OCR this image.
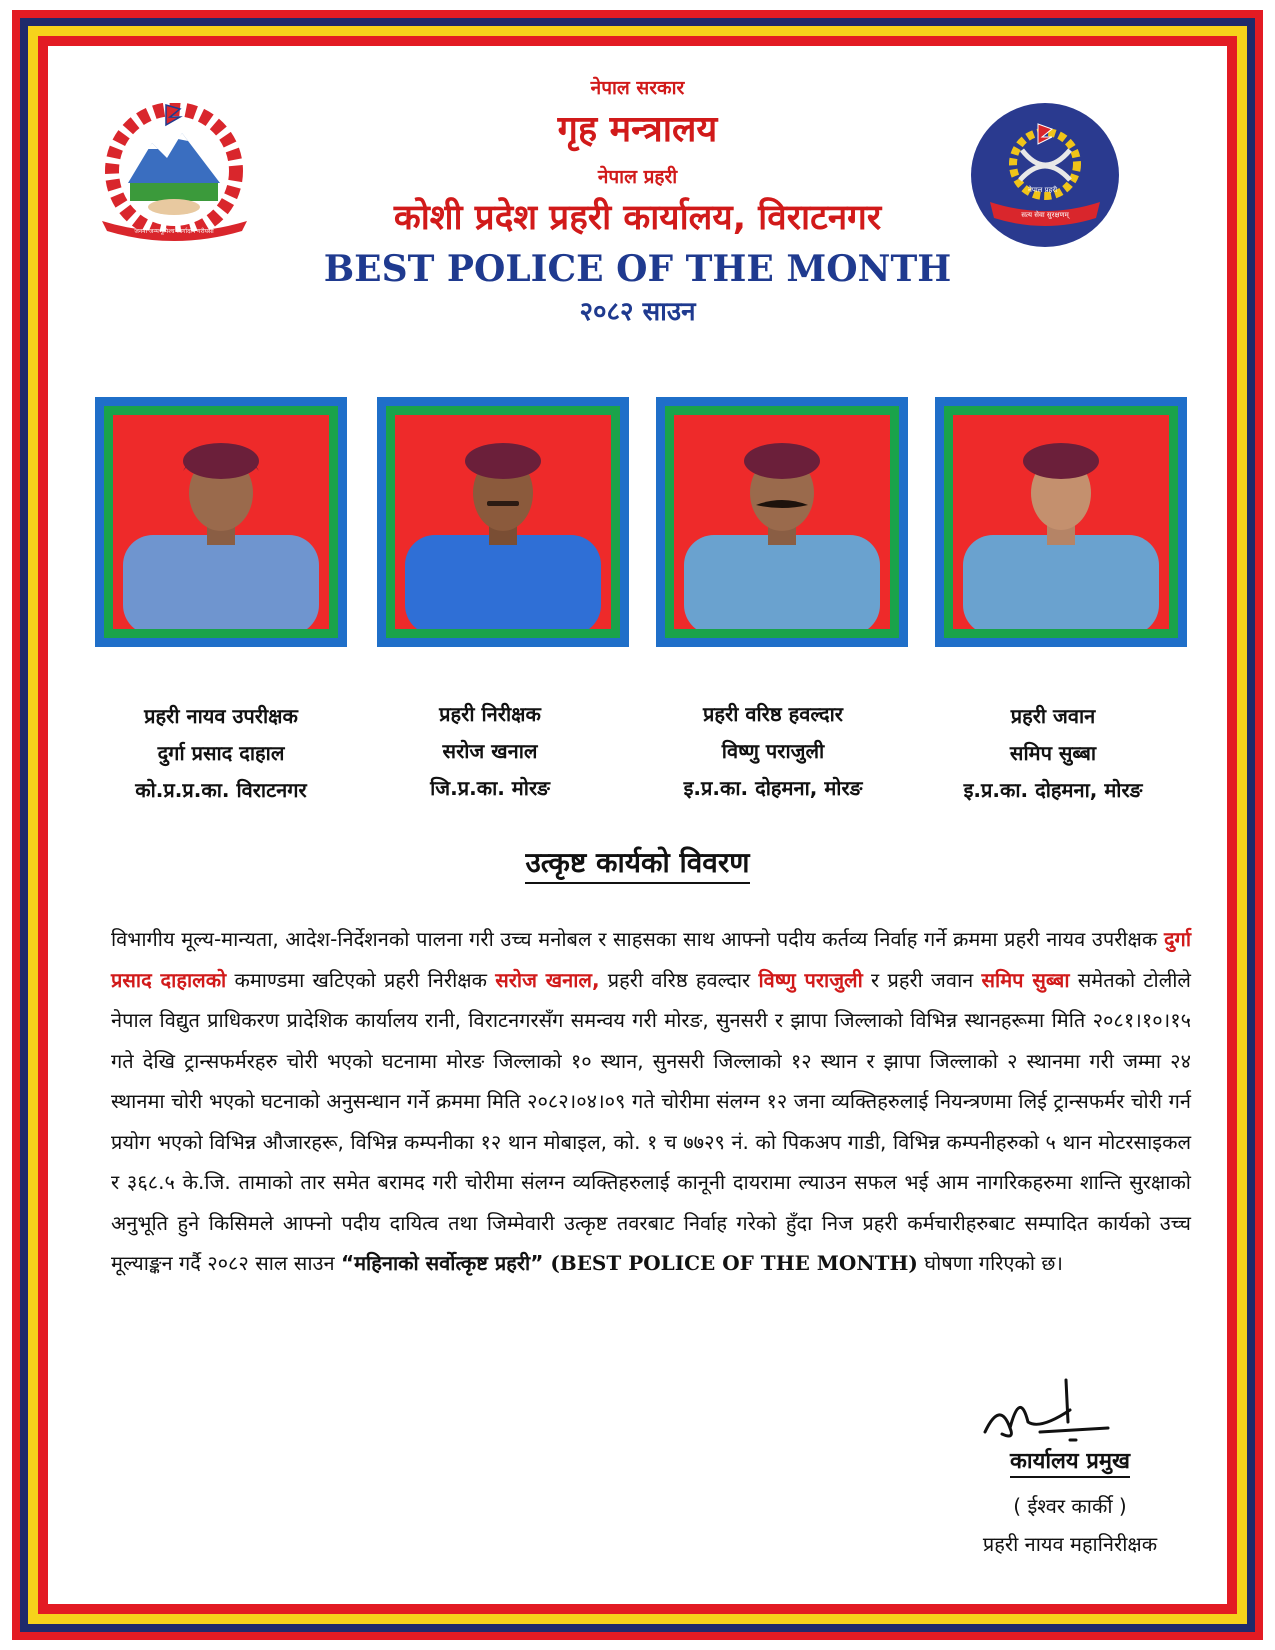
जननी जन्मभूमिश्च स्वर्गादपि गरीयसी
नेपाल प्रहरी
सत्य सेवा सुरक्षणम्
नेपाल सरकार
गृह मन्त्रालय
नेपाल प्रहरी
कोशी प्रदेश प्रहरी कार्यालय, विराटनगर
BEST POLICE OF THE MONTH
२०८२ साउन
प्रहरी नायव उपरीक्षक
दुर्गा प्रसाद दाहाल
को.प्र.प्र.का. विराटनगर
प्रहरी निरीक्षक
सरोज खनाल
जि.प्र.का. मोरङ
प्रहरी वरिष्ठ हवल्दार
विष्णु पराजुली
इ.प्र.का. दोहमना, मोरङ
प्रहरी जवान
समिप सुब्बा
इ.प्र.का. दोहमना, मोरङ
उत्कृष्ट कार्यको विवरण
विभागीय मूल्य-मान्यता, आदेश-निर्देशनको पालना गरी उच्च मनोबल र साहसका साथ आफ्नो पदीय कर्तव्य निर्वाह गर्ने क्रममा प्रहरी नायव उपरीक्षक दुर्गा प्रसाद दाहालको कमाण्डमा खटिएको प्रहरी निरीक्षक सरोज खनाल, प्रहरी वरिष्ठ हवल्दार विष्णु पराजुली र प्रहरी जवान समिप सुब्बा समेतको टोलीले नेपाल विद्युत प्राधिकरण प्रादेशिक कार्यालय रानी, विराटनगरसँग समन्वय गरी मोरङ, सुनसरी र झापा जिल्लाको विभिन्न स्थानहरूमा मिति २०८१।१०।१५ गते देखि ट्रान्सफर्मरहरु चोरी भएको घटनामा मोरङ जिल्लाको १० स्थान, सुनसरी जिल्लाको १२ स्थान र झापा जिल्लाको २ स्थानमा गरी जम्मा २४ स्थानमा चोरी भएको घटनाको अनुसन्धान गर्ने क्रममा मिति २०८२।०४।०९ गते चोरीमा संलग्न १२ जना व्यक्तिहरुलाई नियन्त्रणमा लिई ट्रान्सफर्मर चोरी गर्न प्रयोग भएको विभिन्न औजारहरू, विभिन्न कम्पनीका १२ थान मोबाइल, को. १ च ७७२९ नं. को पिकअप गाडी, विभिन्न कम्पनीहरुको ५ थान मोटरसाइकल र ३६८.५ के.जि. तामाको तार समेत बरामद गरी चोरीमा संलग्न व्यक्तिहरुलाई कानूनी दायरामा ल्याउन सफल भई आम नागरिकहरुमा शान्ति सुरक्षाको अनुभूति हुने किसिमले आफ्नो पदीय दायित्व तथा जिम्मेवारी उत्कृष्ट तवरबाट निर्वाह गरेको हुँदा निज प्रहरी कर्मचारीहरुबाट सम्पादित कार्यको उच्च मूल्याङ्कन गर्दै २०८२ साल साउन “महिनाको सर्वोत्कृष्ट प्रहरी” (BEST POLICE OF THE MONTH) घोषणा गरिएको छ।
कार्यालय प्रमुख
( ईश्वर कार्की )
प्रहरी नायव महानिरीक्षक
